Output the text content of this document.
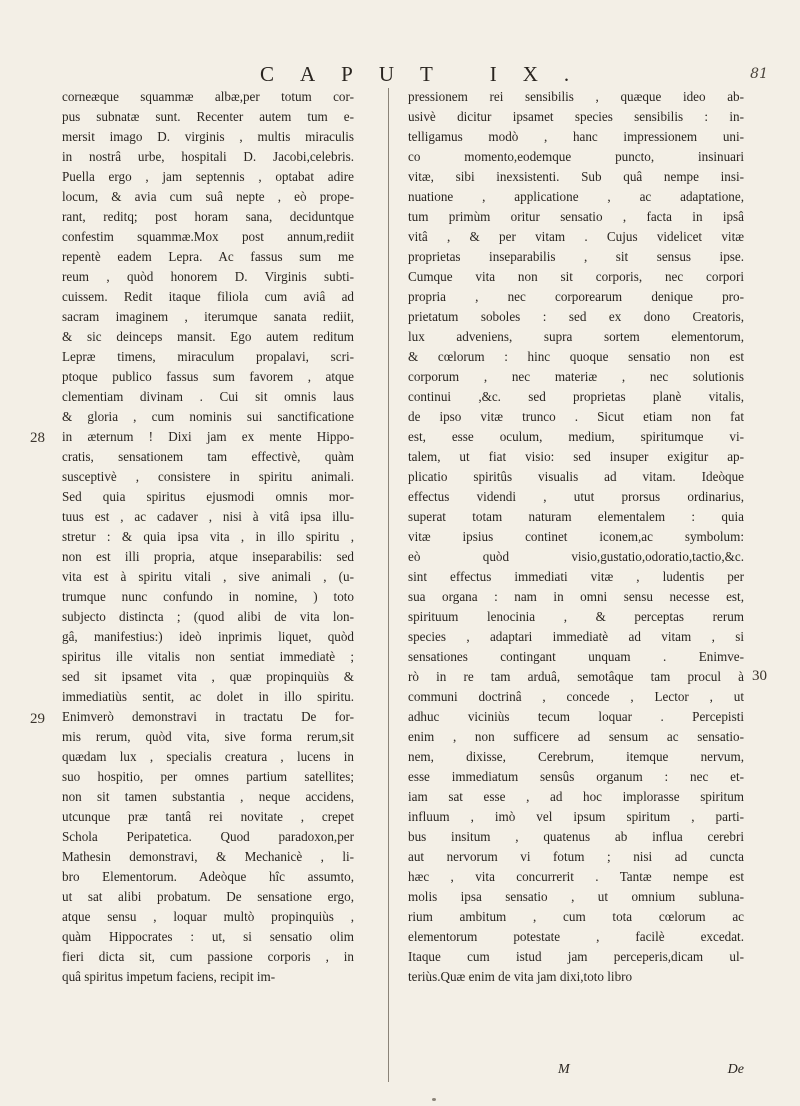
CAPUT IX.	81
corneæque squammæ albæ,per totum cor-
pus subnatæ sunt. Recenter autem tum e-
mersit imago D. virginis , multis miraculis
in nostrâ urbe, hospitali D. Jacobi,celebris.
Puella ergo , jam septennis , optabat adire
locum, & avia cum suâ nepte , eò prope-
rant, reditq; post horam sana, deciduntque
confestim squammæ.Mox post annum,rediit
repentè eadem Lepra. Ac fassus sum me
reum , quòd honorem D. Virginis subti-
cuissem. Redit itaque filiola cum aviâ ad
sacram imaginem , iterumque sanata rediit,
& sic deinceps mansit. Ego autem reditum
Lepræ timens, miraculum propalavi, scri-
ptoque publico fassus sum favorem , atque
clementiam divinam . Cui sit omnis laus
& gloria , cum nominis sui sanctificatione
in æternum ! Dixi jam ex mente Hippo-
cratis, sensationem tam effectivè, quàm
susceptivè , consistere in spiritu animali.
Sed quia spiritus ejusmodi omnis mor-
tuus est , ac cadaver , nisi à vitâ ipsa illu-
stretur : & quia ipsa vita , in illo spiritu ,
non est illi propria, atque inseparabilis: sed
vita est à spiritu vitali , sive animali , (u-
trumque nunc confundo in nomine, ) toto
subjecto distincta ; (quod alibi de vita lon-
gâ, manifestius:) ideò inprimis liquet, quòd
spiritus ille vitalis non sentiat immediatè ;
sed sit ipsamet vita , quæ propinquiùs &
immediatiùs sentit, ac dolet in illo spiritu.
Enimverò demonstravi in tractatu De for-
mis rerum, quòd vita, sive forma rerum,sit
quædam lux , specialis creatura , lucens in
suo hospitio, per omnes partium satellites;
non sit tamen substantia , neque accidens,
utcunque præ tantâ rei novitate , crepet
Schola Peripatetica. Quod paradoxon,per
Mathesin demonstravi, & Mechanicè , li-
bro Elementorum. Adeòque hîc assumto,
ut sat alibi probatum. De sensatione ergo,
atque sensu , loquar multò propinquiùs ,
quàm Hippocrates : ut, si sensatio olim
fieri dicta sit, cum passione corporis , in
quâ spiritus impetum faciens, recipit im-
pressionem rei sensibilis , quæque ideo ab-
usivè dicitur ipsamet species sensibilis : in-
telligamus modò , hanc impressionem uni-
co momento,eodemque puncto, insinuari
vitæ, sibi inexsistenti. Sub quâ nempe insi-
nuatione , applicatione , ac adaptatione,
tum primùm oritur sensatio , facta in ipsâ
vitâ , & per vitam . Cujus videlicet vitæ
proprietas inseparabilis , sit sensus ipse.
Cumque vita non sit corporis, nec corpori
propria , nec corporearum denique pro-
prietatum soboles : sed ex dono Creatoris,
lux adveniens, supra sortem elementorum,
& cœlorum : hinc quoque sensatio non est
corporum , nec materiæ , nec solutionis
continui ,&c. sed proprietas planè vitalis,
de ipso vitæ trunco . Sicut etiam non fat
est, esse oculum, medium, spiritumque vi-
talem, ut fiat visio: sed insuper exigitur ap-
plicatio spiritûs visualis ad vitam. Ideòque
effectus videndi , utut prorsus ordinarius,
superat totam naturam elementalem : quia
vitæ ipsius continet iconem,ac symbolum:
eò quòd visio,gustatio,odoratio,tactio,&c.
sint effectus immediati vitæ , ludentis per
sua organa : nam in omni sensu necesse est,
spirituum lenocinia , & perceptas rerum
species , adaptari immediatè ad vitam , si
sensationes contingant unquam . Enimve-
rò in re tam arduâ, semotâque tam procul à
communi doctrinâ , concede , Lector , ut
adhuc viciniùs tecum loquar . Percepisti
enim , non sufficere ad sensum ac sensatio-
nem, dixisse, Cerebrum, itemque nervum,
esse immediatum sensûs organum : nec et-
iam sat esse , ad hoc implorasse spiritum
influum , imò vel ipsum spiritum , parti-
bus insitum , quatenus ab influa cerebri
aut nervorum vi fotum ; nisi ad cuncta
hæc , vita concurrerit . Tantæ nempe est
molis ipsa sensatio , ut omnium subluna-
rium ambitum , cum tota cœlorum ac
elementorum potestate , facilè excedat.
Itaque cum istud jam perceperis,dicam ul-
teriùs.Quæ enim de vita jam dixi,toto libro
28
29
30
M	De
